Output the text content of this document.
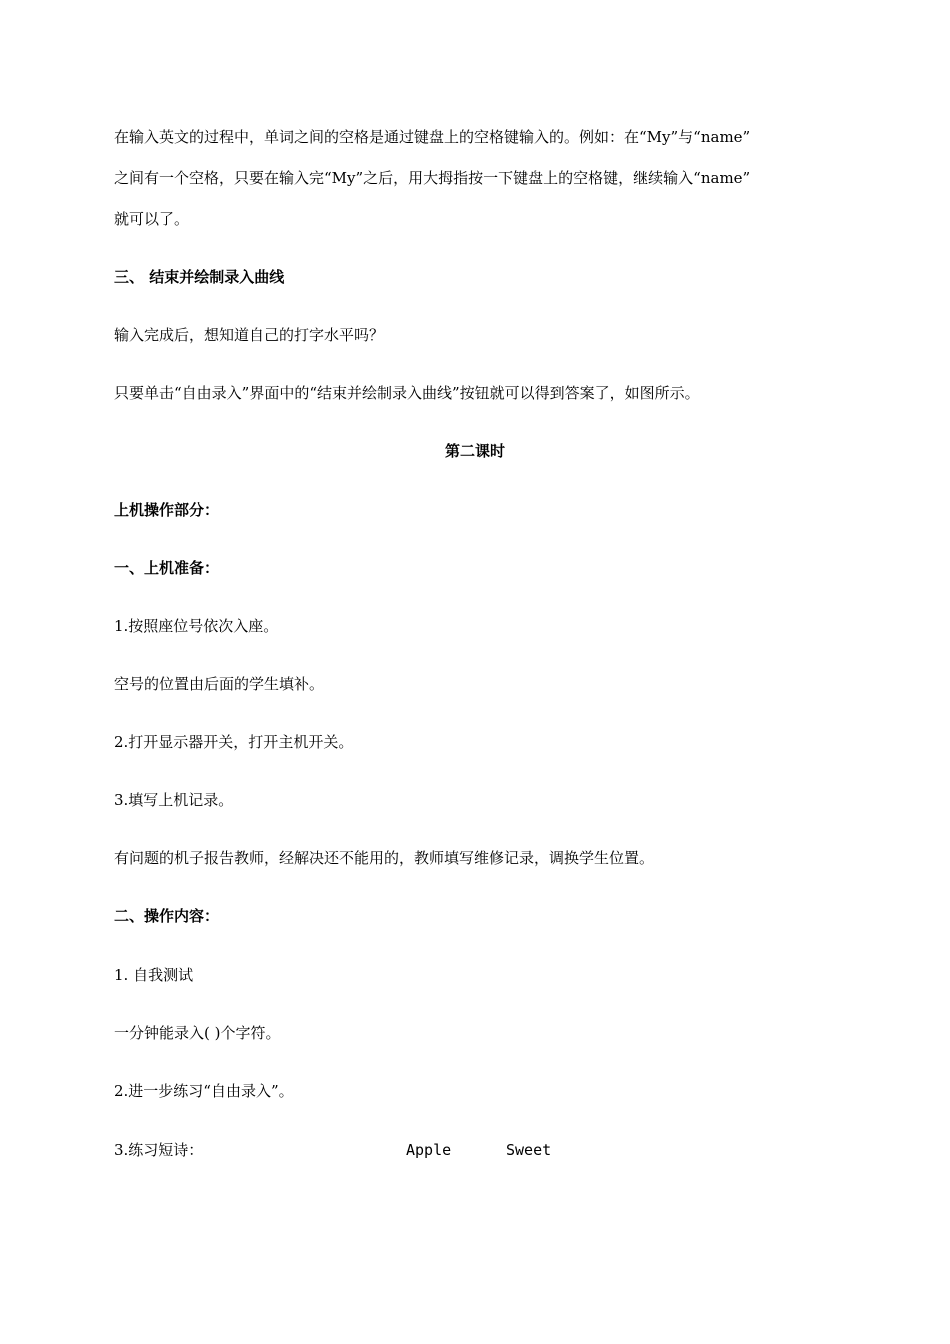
在输入英文的过程中，单词之间的空格是通过键盘上的空格键输入的。例如：在“My”与“name”
之间有一个空格，只要在输入完“My”之后，用大拇指按一下键盘上的空格键，继续输入“name”
就可以了。
三、 结束并绘制录入曲线
输入完成后，想知道自己的打字水平吗？
只要单击“自由录入”界面中的“结束并绘制录入曲线”按钮就可以得到答案了，如图所示。
第二课时
上机操作部分：
一、上机准备：
1.按照座位号依次入座。
空号的位置由后面的学生填补。
2.打开显示器开关，打开主机开关。
3.填写上机记录。
有问题的机子报告教师，经解决还不能用的，教师填写维修记录，调换学生位置。
二、操作内容：
1. 自我测试
一分钟能录入( )个字符。
2.进一步练习“自由录入”。
3.练习短诗：	Apple	Sweet
